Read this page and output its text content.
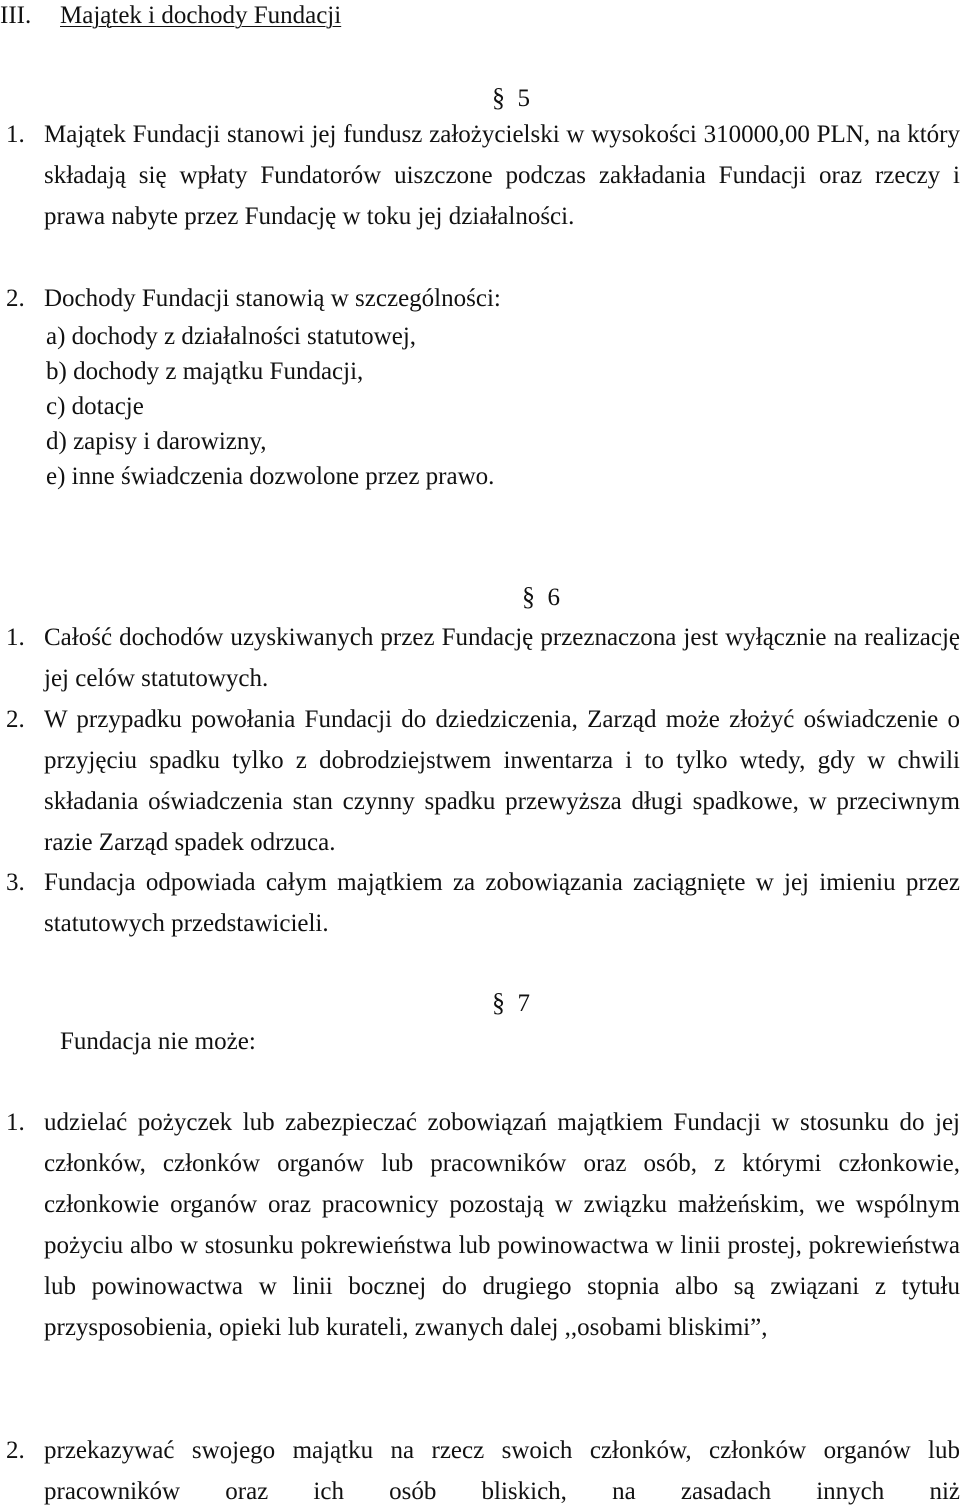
III. Majątek i dochody Fundacji
§ 5
1. Majątek Fundacji stanowi jej fundusz założycielski w wysokości 310000,00 PLN, na który składają się wpłaty Fundatorów uiszczone podczas zakładania Fundacji oraz rzeczy i prawa nabyte przez Fundację w toku jej działalności.
2. Dochody Fundacji stanowią w szczególności:
a) dochody z działalności statutowej,
b) dochody z majątku Fundacji,
c) dotacje
d) zapisy i darowizny,
e) inne świadczenia dozwolone przez prawo.
§ 6
1. Całość dochodów uzyskiwanych przez Fundację przeznaczona jest wyłącznie na realizację jej celów statutowych.
2. W przypadku powołania Fundacji do dziedziczenia, Zarząd może złożyć oświadczenie o przyjęciu spadku tylko z dobrodziejstwem inwentarza i to tylko wtedy, gdy w chwili składania oświadczenia stan czynny spadku przewyższa długi spadkowe, w przeciwnym razie Zarząd spadek odrzuca.
3. Fundacja odpowiada całym majątkiem za zobowiązania zaciągnięte w jej imieniu przez statutowych przedstawicieli.
§ 7
Fundacja nie może:
1. udzielać pożyczek lub zabezpieczać zobowiązań majątkiem Fundacji w stosunku do jej członków, członków organów lub pracowników oraz osób, z którymi członkowie, członkowie organów oraz pracownicy pozostają w związku małżeńskim, we wspólnym pożyciu albo w stosunku pokrewieństwa lub powinowactwa w linii prostej, pokrewieństwa lub powinowactwa w linii bocznej do drugiego stopnia albo są związani z tytułu przysposobienia, opieki lub kurateli, zwanych dalej ,,osobami bliskimi”,
2. przekazywać swojego majątku na rzecz swoich członków, członków organów lub pracowników oraz ich osób bliskich, na zasadach innych niż
